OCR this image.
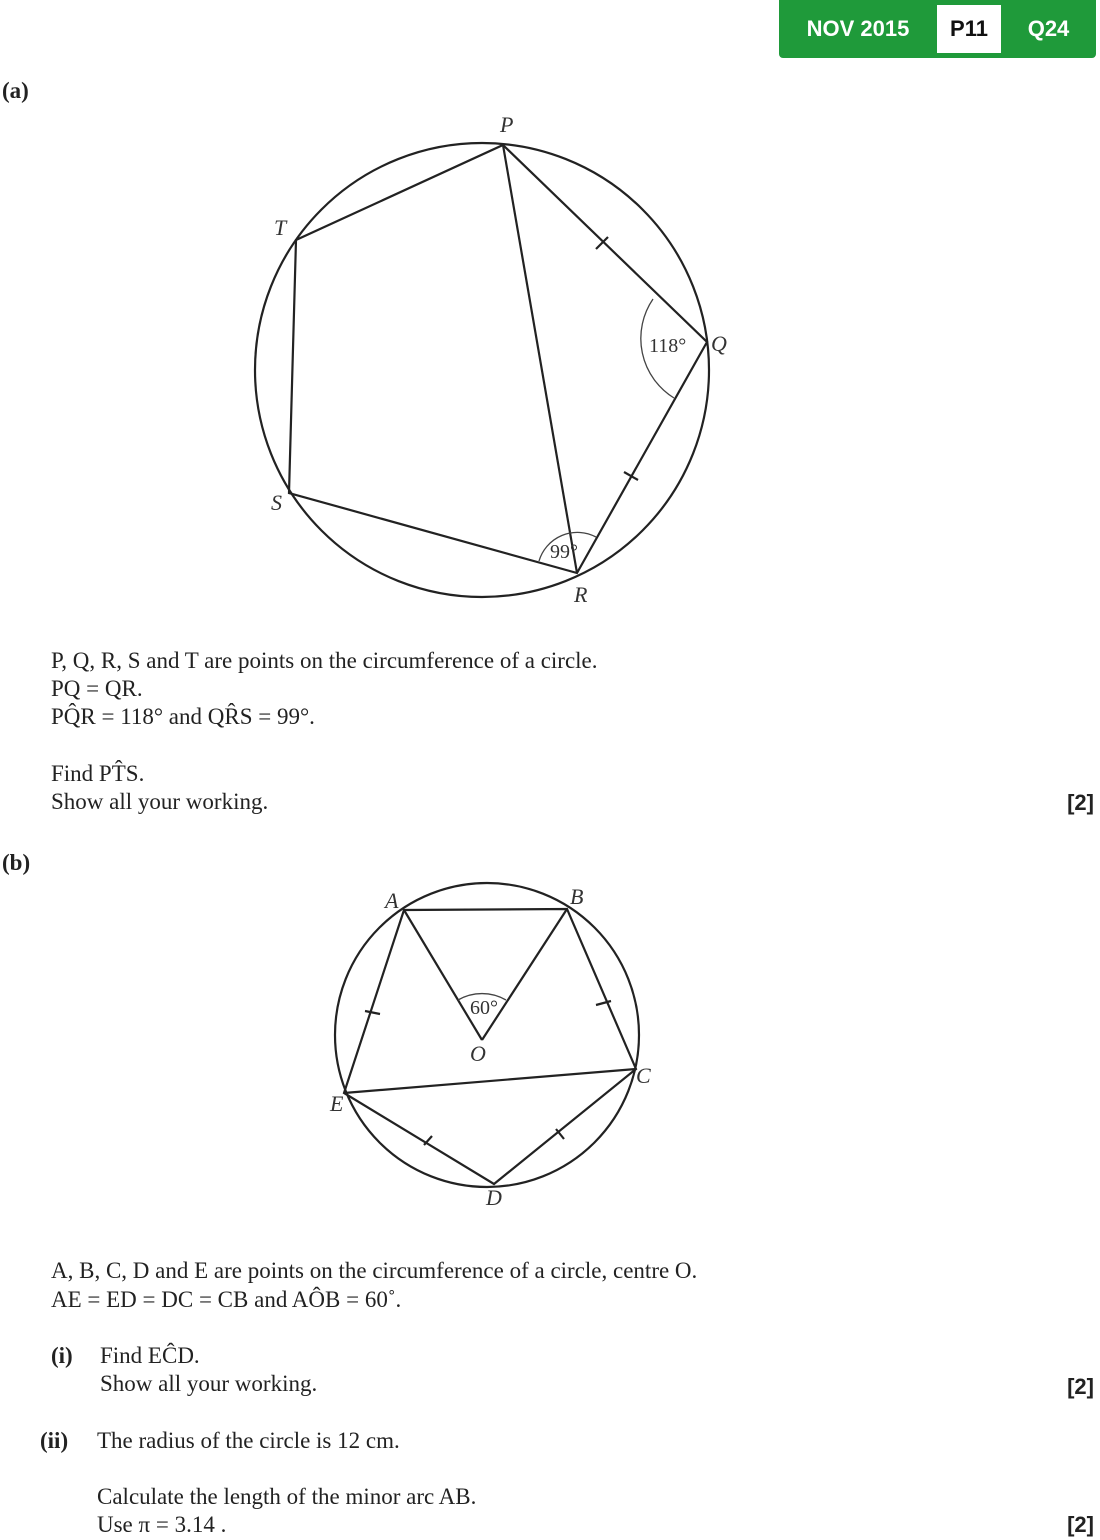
NOV 2015	P11	Q24
(a)
P
Q
R
S
T
118°
99°
P, Q, R, S and T are points on the circumference of a circle.
PQ = QR.
PQ̂R = 118° and QR̂S = 99°.
Find PT̂S.
Show all your working.	[2]
(b)
A	B
C
D
E
O
60°
A, B, C, D and E are points on the circumference of a circle, centre O.
AE = ED = DC = CB and AÔB = 60˚.
(i) Find EĈD.
Show all your working.	[2]
(ii) The radius of the circle is 12 cm.
Calculate the length of the minor arc AB.
Use π = 3.14 .	[2]
